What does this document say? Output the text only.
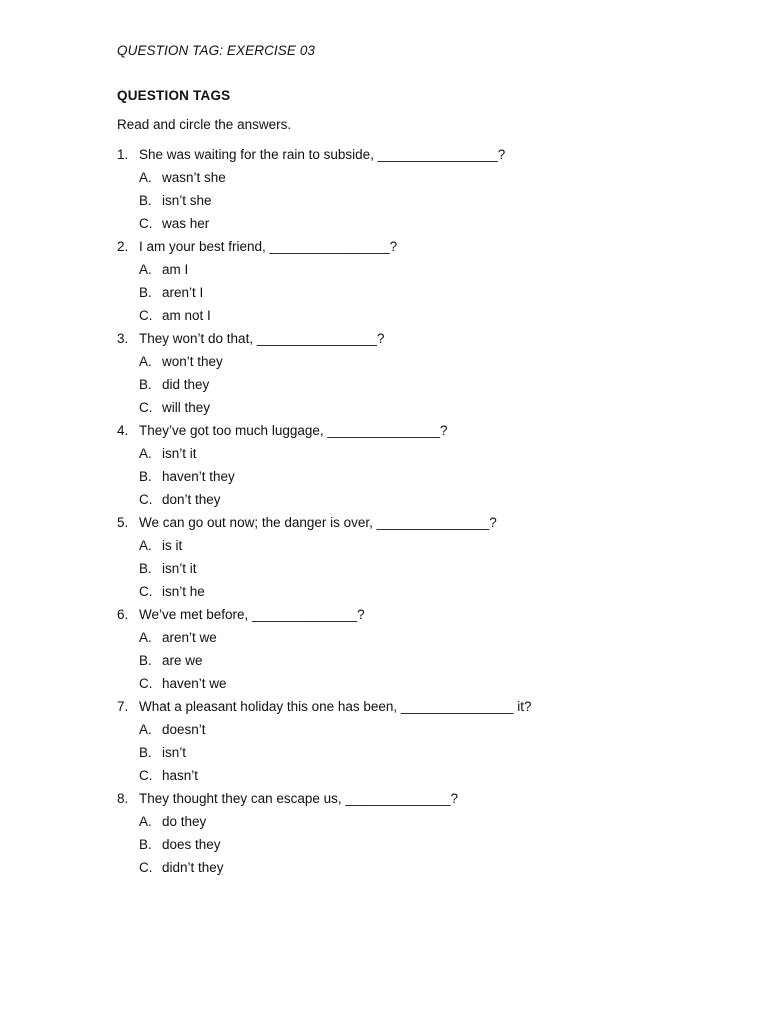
QUESTION TAG: EXERCISE 03
QUESTION TAGS
Read and circle the answers.
1. She was waiting for the rain to subside, ________________?
A. wasn’t she
B. isn’t she
C. was her
2. I am your best friend, ________________?
A. am I
B. aren’t I
C. am not I
3. They won’t do that, ________________?
A. won’t they
B. did they
C. will they
4. They’ve got too much luggage, _______________?
A. isn’t it
B. haven’t they
C. don’t they
5. We can go out now; the danger is over, _______________?
A. is it
B. isn’t it
C. isn’t he
6. We’ve met before, ______________?
A. aren’t we
B. are we
C. haven’t we
7. What a pleasant holiday this one has been, _______________ it?
A. doesn’t
B. isn’t
C. hasn’t
8. They thought they can escape us, ______________?
A. do they
B. does they
C. didn’t they
